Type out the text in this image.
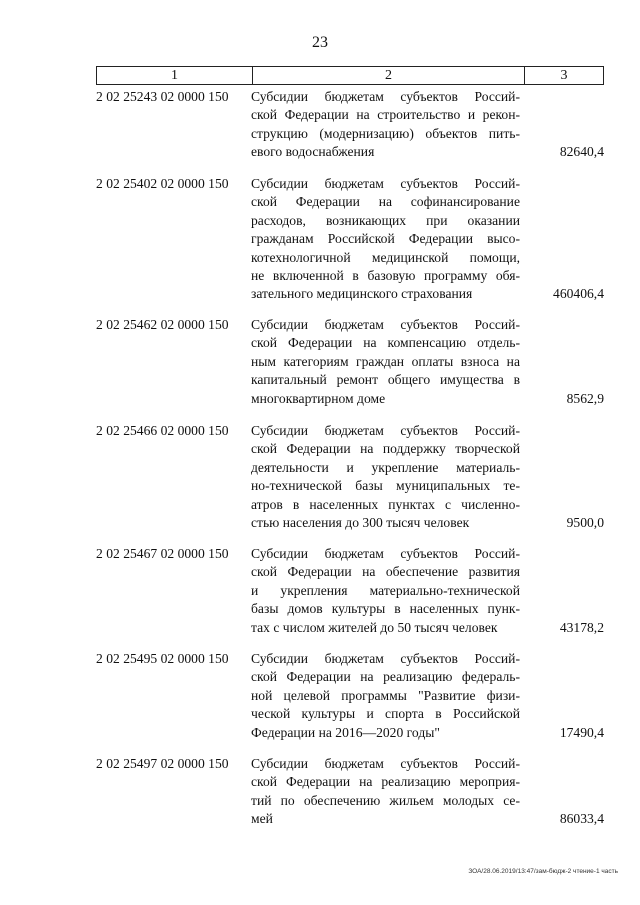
23
1	2	3
2 02 25243 02 0000 150 Субсидии бюджетам субъектов Россий-
ской Федерации на строительство и рекон-
струкцию (модернизацию) объектов пить-
евого водоснабжения	82640,4
2 02 25402 02 0000 150 Субсидии бюджетам субъектов Россий-
ской Федерации на софинансирование
расходов, возникающих при оказании
гражданам Российской Федерации высо-
котехнологичной медицинской помощи,
не включенной в базовую программу обя-
зательного медицинского страхования	460406,4
2 02 25462 02 0000 150 Субсидии бюджетам субъектов Россий-
ской Федерации на компенсацию отдель-
ным категориям граждан оплаты взноса на
капитальный ремонт общего имущества в
многоквартирном доме	8562,9
2 02 25466 02 0000 150 Субсидии бюджетам субъектов Россий-
ской Федерации на поддержку творческой
деятельности и укрепление материаль-
но-технической базы муниципальных те-
атров в населенных пунктах с численно-
стью населения до 300 тысяч человек	9500,0
2 02 25467 02 0000 150 Субсидии бюджетам субъектов Россий-
ской Федерации на обеспечение развития
и укрепления материально-технической
базы домов культуры в населенных пунк-
тах с числом жителей до 50 тысяч человек	43178,2
2 02 25495 02 0000 150 Субсидии бюджетам субъектов Россий-
ской Федерации на реализацию федераль-
ной целевой программы "Развитие физи-
ческой культуры и спорта в Российской
Федерации на 2016—2020 годы"	17490,4
2 02 25497 02 0000 150 Субсидии бюджетам субъектов Россий-
ской Федерации на реализацию мероприя-
тий по обеспечению жильем молодых се-
мей	86033,4
ЗОА/28.06.2019/13:47/зам-бюдж-2 чтение-1 часть
